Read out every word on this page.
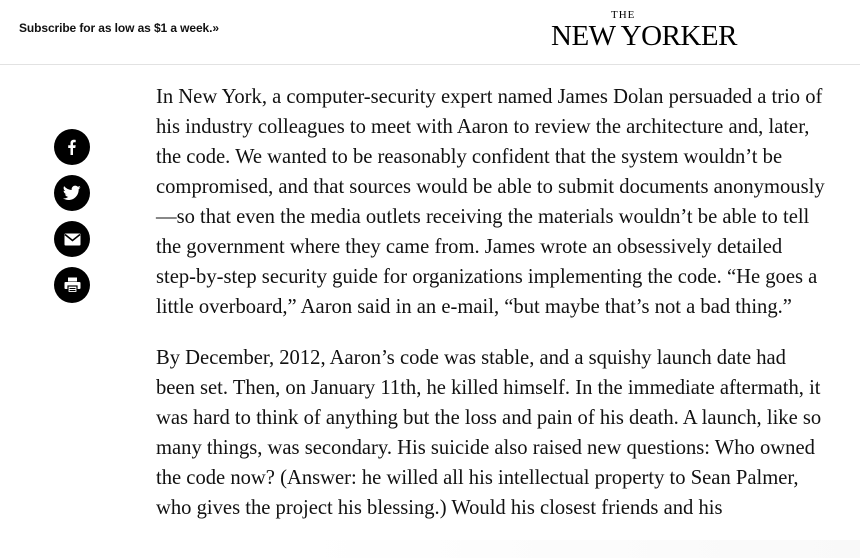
Subscribe for as low as $1 a week.»
THE
NEW YORKER

In New York, a computer-security expert named James Dolan persuaded a trio of his industry colleagues to meet with Aaron to review the architecture and, later, the code. We wanted to be reasonably confident that the system wouldn’t be compromised, and that sources would be able to submit documents anonymously—so that even the media outlets receiving the materials wouldn’t be able to tell the government where they came from. James wrote an obsessively detailed step-by-step security guide for organizations implementing the code. “He goes a little overboard,” Aaron said in an e-mail, “but maybe that’s not a bad thing.”

By December, 2012, Aaron’s code was stable, and a squishy launch date had been set. Then, on January 11th, he killed himself. In the immediate aftermath, it was hard to think of anything but the loss and pain of his death. A launch, like so many things, was secondary. His suicide also raised new questions: Who owned the code now? (Answer: he willed all his intellectual property to Sean Palmer, who gives the project his blessing.) Would his closest friends and his
